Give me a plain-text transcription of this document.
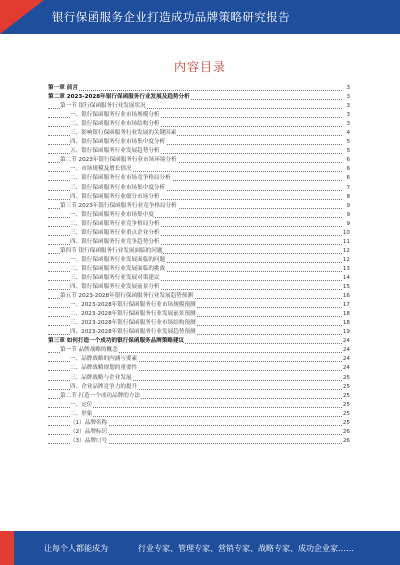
银行保函服务企业打造成功品牌策略研究报告
内容目录
第一章 前言	3
第二章 2023-2028年银行保函服务行业发展及趋势分析	3
第一节 银行保函服务行业发展状况	3
一、银行保函服务行业市场规模分析	3
二、银行保函服务行业市场结构分析	3
三、影响银行保函服务行业发展的关键因素	4
四、银行保函服务行业市场集中度分析	5
五、银行保函服务行业发展趋势分析	5
第二节 2023年银行保函服务行业市场环境分析	6
一、市场规模及增长情况	6
二、银行保函服务行业市场竞争格局分析	6
三、银行保函服务行业市场集中度分析	7
四、银行保函服务行业细分市场分析	8
第三节 2023年银行保函服务行业竞争格局分析	9
一、银行保函服务行业市场集中度	9
二、银行保函服务行业竞争格局分析	9
三、银行保函服务行业重点企业分析	10
四、银行保函服务行业竞争趋势分析	11
第四节 银行保函服务行业发展面临的问题	12
一、银行保函服务行业发展面临的问题	12
二、银行保函服务行业发展面临的挑战	13
三、银行保函服务行业发展对策建议	14
四、银行保函服务行业发展前景分析	15
第五节 2023-2028年银行保函服务行业发展趋势预测	16
一、2023-2028年银行保函服务行业市场规模预测	17
二、2023-2028年银行保函服务行业发展前景预测	18
三、2023-2028年银行保函服务行业市场结构预测	18
四、2023-2028年银行保函服务行业发展趋势预测	19
第三章 如何打造一个成功的银行保函服务品牌策略建议	24
第一节 品牌战略的概念	24
一、品牌战略的内涵与要素	24
二、品牌战略规划的重要性	24
三、品牌战略与企业发展	25
四、企业品牌竞争力的提升	25
第二节 打造一个成功品牌的方法	25
一、定位	25
二、形象	25
（1）品牌名称	25
（2）品牌标识	26
（3）品牌口号	26
让每个人都能成为	行业专家、管理专家、营销专家、战略专家、成功企业家……
